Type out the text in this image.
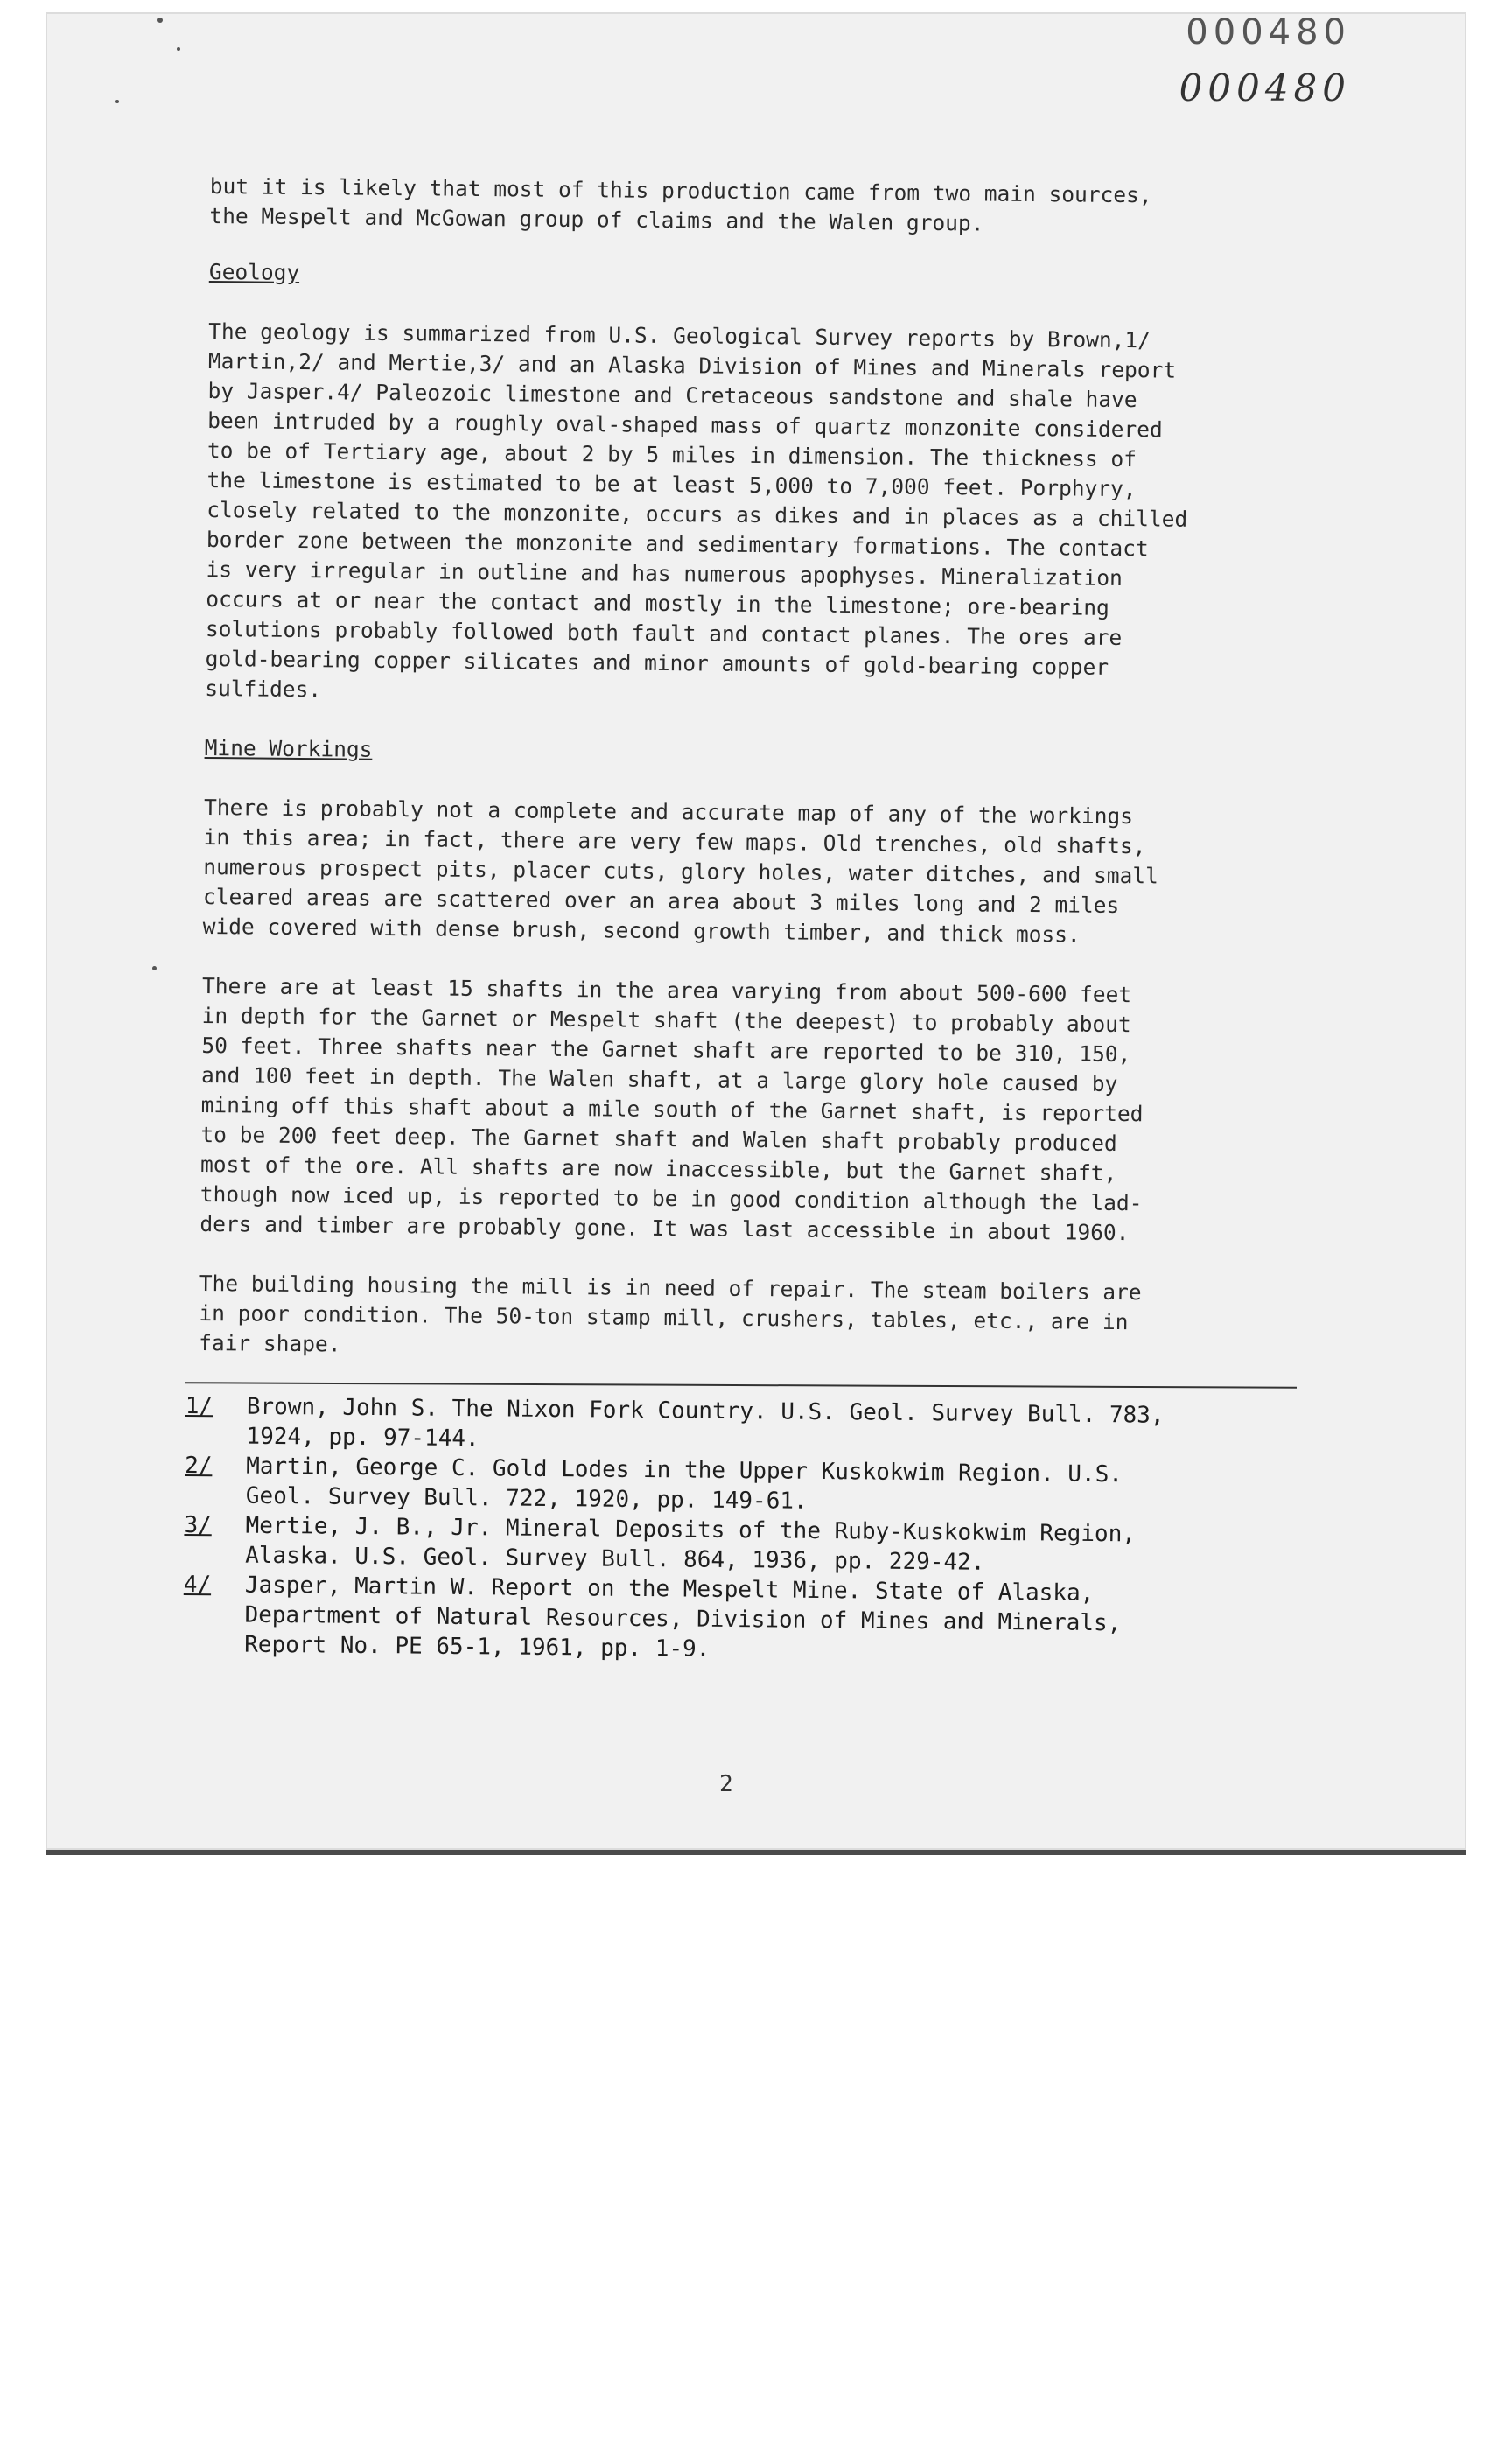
000480
000480

but it is likely that most of this production came from two main sources,
the Mespelt and McGowan group of claims and the Walen group.

Geology

The geology is summarized from U.S. Geological Survey reports by Brown,1/
Martin,2/ and Mertie,3/ and an Alaska Division of Mines and Minerals report
by Jasper.4/ Paleozoic limestone and Cretaceous sandstone and shale have
been intruded by a roughly oval-shaped mass of quartz monzonite considered
to be of Tertiary age, about 2 by 5 miles in dimension. The thickness of
the limestone is estimated to be at least 5,000 to 7,000 feet. Porphyry,
closely related to the monzonite, occurs as dikes and in places as a chilled
border zone between the monzonite and sedimentary formations. The contact
is very irregular in outline and has numerous apophyses. Mineralization
occurs at or near the contact and mostly in the limestone; ore-bearing
solutions probably followed both fault and contact planes. The ores are
gold-bearing copper silicates and minor amounts of gold-bearing copper
sulfides.

Mine Workings

There is probably not a complete and accurate map of any of the workings
in this area; in fact, there are very few maps. Old trenches, old shafts,
numerous prospect pits, placer cuts, glory holes, water ditches, and small
cleared areas are scattered over an area about 3 miles long and 2 miles
wide covered with dense brush, second growth timber, and thick moss.

There are at least 15 shafts in the area varying from about 500-600 feet
in depth for the Garnet or Mespelt shaft (the deepest) to probably about
50 feet. Three shafts near the Garnet shaft are reported to be 310, 150,
and 100 feet in depth. The Walen shaft, at a large glory hole caused by
mining off this shaft about a mile south of the Garnet shaft, is reported
to be 200 feet deep. The Garnet shaft and Walen shaft probably produced
most of the ore. All shafts are now inaccessible, but the Garnet shaft,
though now iced up, is reported to be in good condition although the lad-
ders and timber are probably gone. It was last accessible in about 1960.

The building housing the mill is in need of repair. The steam boilers are
in poor condition. The 50-ton stamp mill, crushers, tables, etc., are in
fair shape.

1/	Brown, John S. The Nixon Fork Country. U.S. Geol. Survey Bull. 783,
1924, pp. 97-144.
2/	Martin, George C. Gold Lodes in the Upper Kuskokwim Region. U.S.
Geol. Survey Bull. 722, 1920, pp. 149-61.
3/	Mertie, J. B., Jr. Mineral Deposits of the Ruby-Kuskokwim Region,
Alaska. U.S. Geol. Survey Bull. 864, 1936, pp. 229-42.
4/	Jasper, Martin W. Report on the Mespelt Mine. State of Alaska,
Department of Natural Resources, Division of Mines and Minerals,
Report No. PE 65-1, 1961, pp. 1-9.
2
